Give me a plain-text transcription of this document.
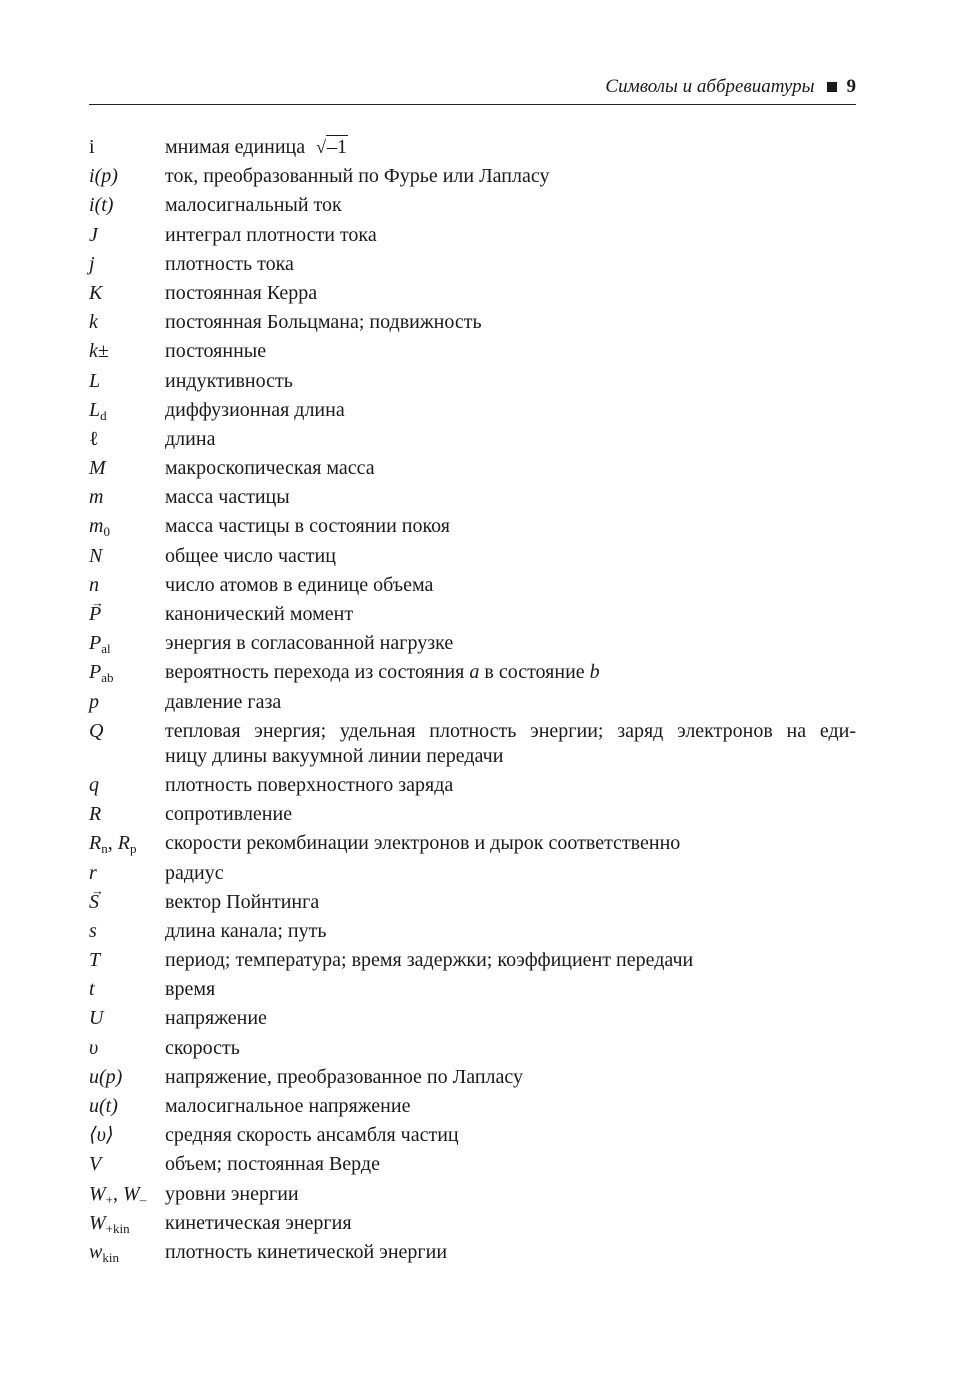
Символы и аббревиатуры 9
i	мнимая единица √–1
i(p)	ток, преобразованный по Фурье или Лапласу
i(t)	малосигнальный ток
J	интеграл плотности тока
j	плотность тока
K	постоянная Керра
k	постоянная Больцмана; подвижность
k±	постоянные
L	индуктивность
$L_d$	диффузионная длина
ℓ	длина
M	макроскопическая масса
m	масса частицы
$m_0$	масса частицы в состоянии покоя
N	общее число частиц
n	число атомов в единице объема
→ P	канонический момент
$P_{al}$	энергия в согласованной нагрузке
$P_{ab}$	вероятность перехода из состояния a в состояние b
p	давление газа
Q	тепловая энергия; удельная плотность энергии; заряд электронов на еди-
ницу длины вакуумной линии передачи
q	плотность поверхностного заряда
R	сопротивление
$R_n$, $R_p$	скорости рекомбинации электронов и дырок соответственно
r	радиус
→ S	вектор Пойнтинга
s	длина канала; путь
T	период; температура; время задержки; коэффициент передачи
t	время
U	напряжение
υ	скорость
u(p)	напряжение, преобразованное по Лапласу
u(t)	малосигнальное напряжение
⟨υ⟩	средняя скорость ансамбля частиц
V	объем; постоянная Верде
$W_+$, $W_-$ уровни энергии
$W_{+kin}$	кинетическая энергия
$w_{kin}$	плотность кинетической энергии
